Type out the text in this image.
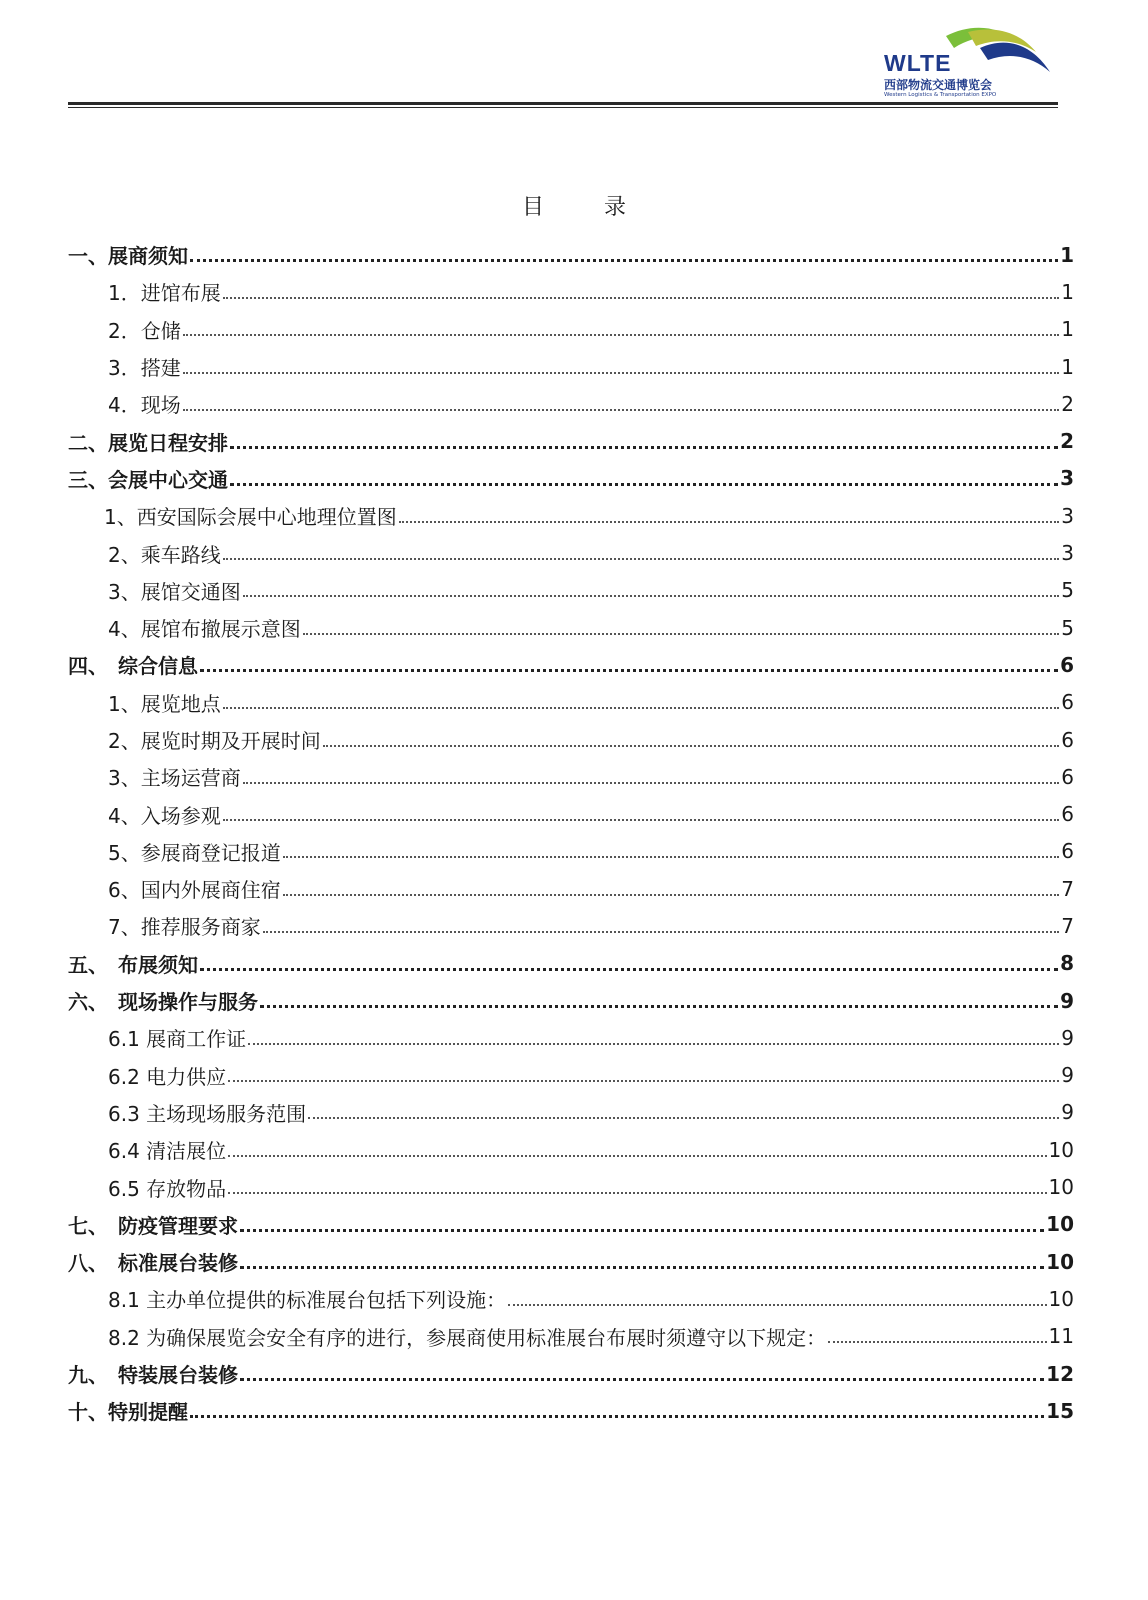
WLTE
西部物流交通博览会
Western Logistics & Transportation EXPO
目录
一、展商须知	1
1．进馆布展	1
2．仓储	1
3．搭建	1
4．现场	2
二、展览日程安排	2
三、会展中心交通	3
1、西安国际会展中心地理位置图	3
2、乘车路线	3
3、展馆交通图	5
4、展馆布撤展示意图	5
四、　综合信息	6
1、展览地点	6
2、展览时期及开展时间	6
3、主场运营商	6
4、入场参观	6
5、参展商登记报道	6
6、国内外展商住宿	7
7、推荐服务商家	7
五、　布展须知	8
六、　现场操作与服务	9
6.1 展商工作证	9
6.2 电力供应	9
6.3 主场现场服务范围	9
6.4 清洁展位	10
6.5 存放物品	10
七、　防疫管理要求	10
八、　标准展台装修	10
8.1 主办单位提供的标准展台包括下列设施：	10
8.2 为确保展览会安全有序的进行，参展商使用标准展台布展时须遵守以下规定：	11
九、　特装展台装修	12
十、特别提醒	15
